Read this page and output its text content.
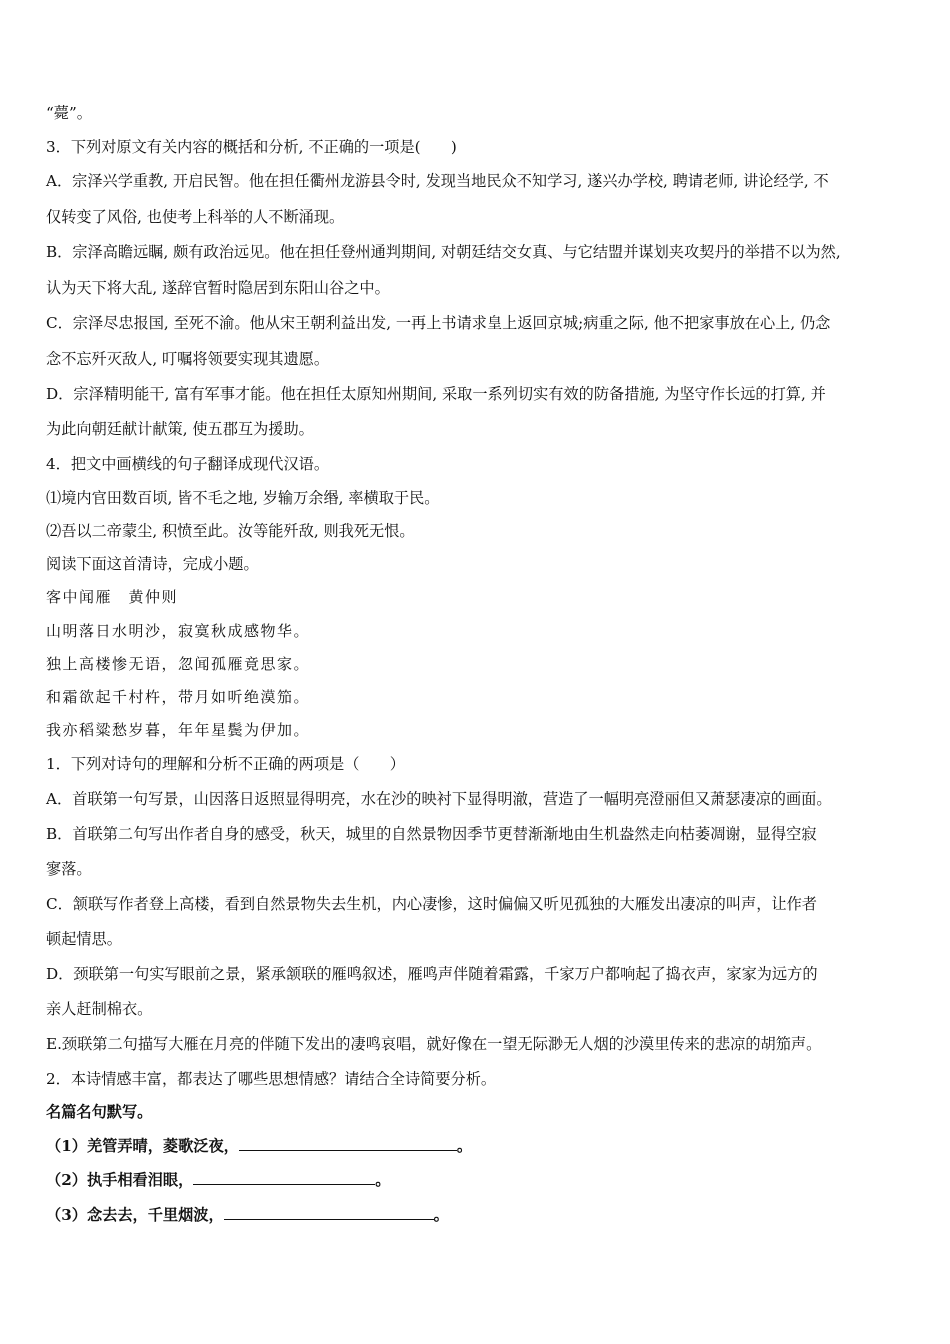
“薨”。
3．下列对原文有关内容的概括和分析, 不正确的一项是(　　)
A．宗泽兴学重教, 开启民智。他在担任衢州龙游县令时, 发现当地民众不知学习, 遂兴办学校, 聘请老师, 讲论经学, 不
仅转变了风俗, 也使考上科举的人不断涌现。
B．宗泽高瞻远瞩, 颇有政治远见。他在担任登州通判期间, 对朝廷结交女真、与它结盟并谋划夹攻契丹的举措不以为然,
认为天下将大乱, 遂辞官暂时隐居到东阳山谷之中。
C．宗泽尽忠报国, 至死不渝。他从宋王朝利益出发, 一再上书请求皇上返回京城;病重之际, 他不把家事放在心上, 仍念
念不忘歼灭敌人, 叮嘱将领要实现其遗愿。
D．宗泽精明能干, 富有军事才能。他在担任太原知州期间, 采取一系列切实有效的防备措施, 为坚守作长远的打算, 并
为此向朝廷献计献策, 使五郡互为援助。
4．把文中画横线的句子翻译成现代汉语。
⑴境内官田数百顷, 皆不毛之地, 岁输万余缗, 率横取于民。
⑵吾以二帝蒙尘, 积愤至此。汝等能歼敌, 则我死无恨。
阅读下面这首清诗，完成小题。
客中闻雁　黄仲则
山明落日水明沙，寂寞秋成感物华。
独上高楼惨无语，忽闻孤雁竟思家。
和霜欲起千村杵，带月如听绝漠笳。
我亦稻粱愁岁暮，年年星鬓为伊加。
1．下列对诗句的理解和分析不正确的两项是（　　）
A．首联第一句写景，山因落日返照显得明亮，水在沙的映衬下显得明澈，营造了一幅明亮澄丽但又萧瑟凄凉的画面。
B．首联第二句写出作者自身的感受，秋天，城里的自然景物因季节更替渐渐地由生机盎然走向枯萎凋谢，显得空寂
寥落。
C．颔联写作者登上高楼，看到自然景物失去生机，内心凄惨，这时偏偏又听见孤独的大雁发出凄凉的叫声，让作者
顿起情思。
D．颈联第一句实写眼前之景，紧承颔联的雁鸣叙述，雁鸣声伴随着霜露，千家万户都响起了捣衣声，家家为远方的
亲人赶制棉衣。
E.颈联第二句描写大雁在月亮的伴随下发出的凄鸣哀唱，就好像在一望无际渺无人烟的沙漠里传来的悲凉的胡笳声。
2．本诗情感丰富，都表达了哪些思想情感？请结合全诗简要分析。
名篇名句默写。
（1）羌管弄晴，菱歌泛夜，	。
（2）执手相看泪眼，	。
（3）念去去，千里烟波，	。
